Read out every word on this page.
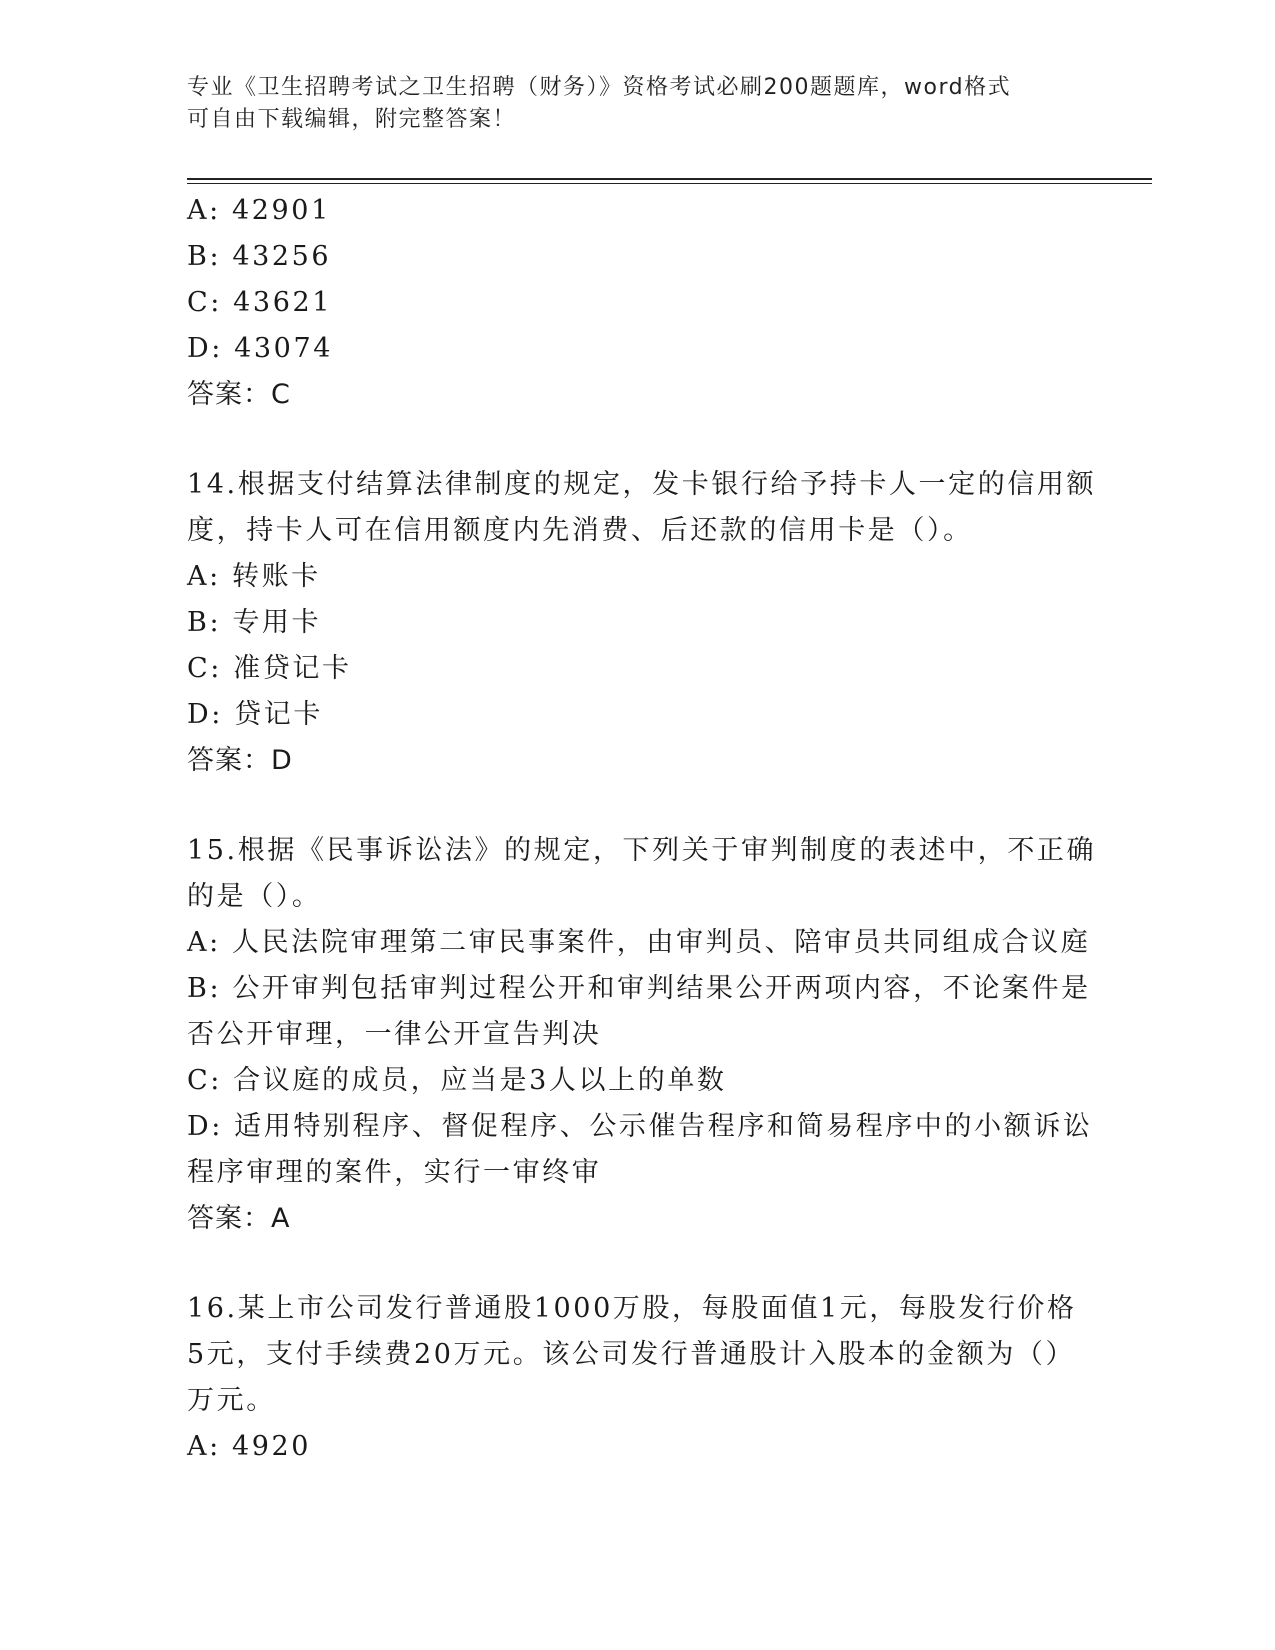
专业《卫生招聘考试之卫生招聘（财务）》资格考试必刷200题题库，word格式
可自由下载编辑，附完整答案！

A: 42901

B: 43256

C: 43621

D: 43074

答案：C

14.根据支付结算法律制度的规定，发卡银行给予持卡人一定的信用额

度，持卡人可在信用额度内先消费、后还款的信用卡是（）。

A: 转账卡

B: 专用卡

C: 准贷记卡

D: 贷记卡

答案：D

15.根据《民事诉讼法》的规定，下列关于审判制度的表述中，不正确

的是（）。

A: 人民法院审理第二审民事案件，由审判员、陪审员共同组成合议庭

B: 公开审判包括审判过程公开和审判结果公开两项内容，不论案件是

否公开审理，一律公开宣告判决

C: 合议庭的成员，应当是3人以上的单数

D: 适用特别程序、督促程序、公示催告程序和简易程序中的小额诉讼

程序审理的案件，实行一审终审

答案：A

16.某上市公司发行普通股1000万股，每股面值1元，每股发行价格

5元，支付手续费20万元。该公司发行普通股计入股本的金额为（）

万元。

A: 4920
